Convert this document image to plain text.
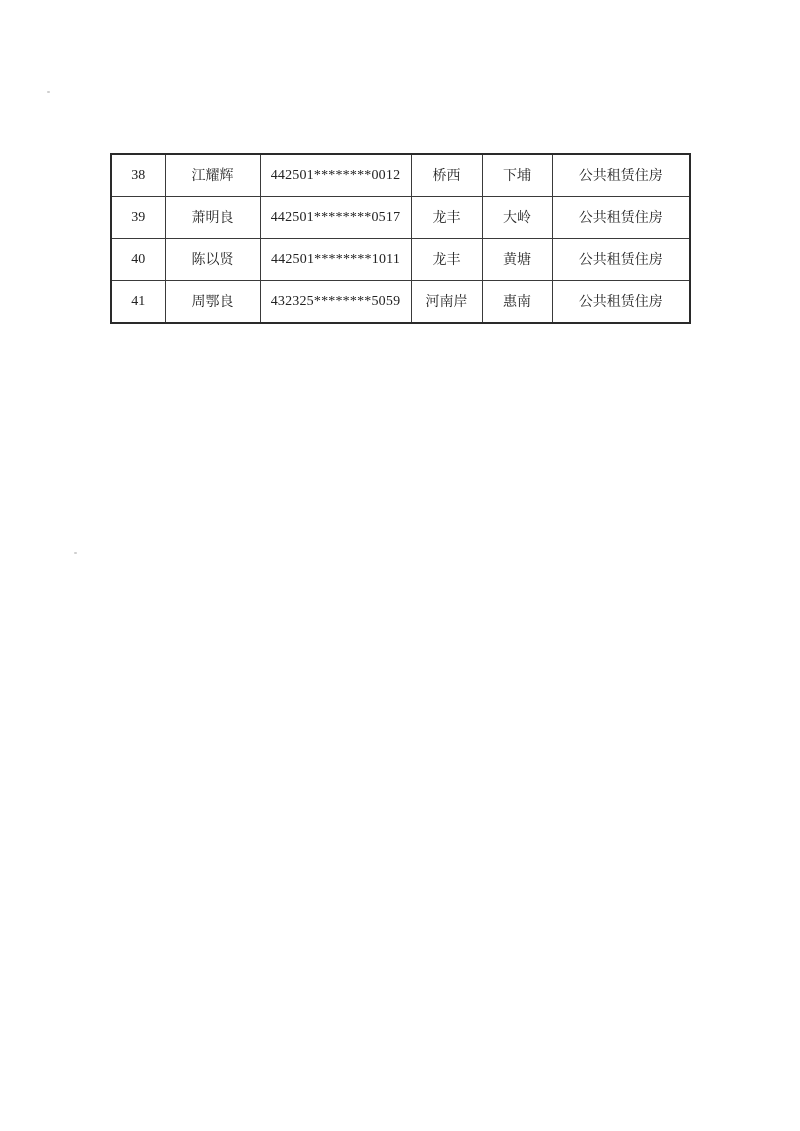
38	江耀辉	442501********0012	桥西	下埔	公共租赁住房
39	萧明良	442501********0517	龙丰	大岭	公共租赁住房
40	陈以贤	442501********1011	龙丰	黄塘	公共租赁住房
41	周鄂良	432325********5059	河南岸	惠南	公共租赁住房
